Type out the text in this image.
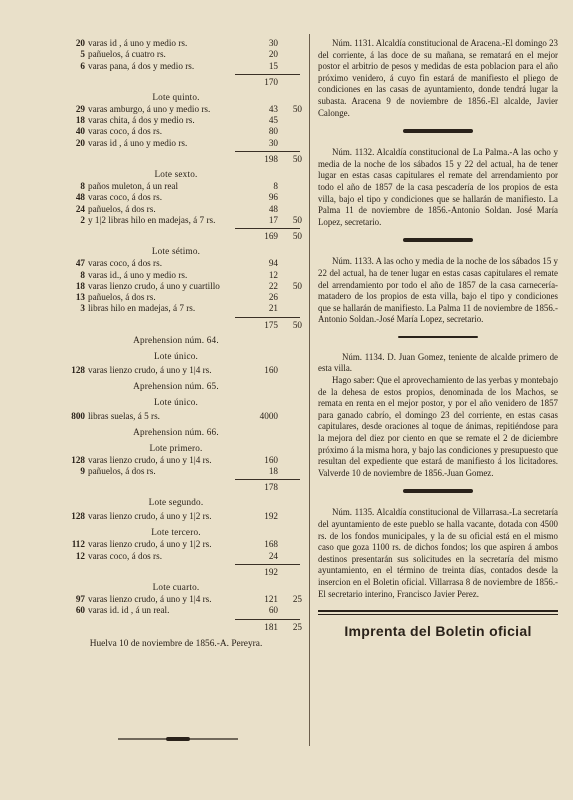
20 varas id , á uno y medio rs.	30
5 pañuelos, á cuatro rs.	20
6 varas pana, á dos y medio rs.	15
170
Lote quinto.
29 varas amburgo, á uno y medio rs.	43	50
18 varas chita, á dos y medio rs.	45
40 varas coco, á dos rs.	80
20 varas id , á uno y medio rs.	30
198	50
Lote sexto.
8 paños muleton, á un real	8
48 varas coco, á dos rs.	96
24 pañuelos, á dos rs.	48
2 y 1|2 libras hilo en madejas, á 7 rs.	17	50
169	50
Lote sétimo.
47 varas coco, á dos rs.	94
8 varas id., á uno y medio rs.	12
18 varas lienzo crudo, á uno y cuartillo	22	50
13 pañuelos, á dos rs.	26
3 libras hilo en madejas, á 7 rs.	21
175	50
Aprehension núm. 64.
Lote único.
128 varas lienzo crudo, á uno y 1|4 rs.	160
Aprehension núm. 65.
Lote único.
800 libras suelas, á 5 rs.	4000
Aprehension núm. 66.
Lote primero.
128 varas lienzo crudo, á uno y 1|4 rs.	160
9 pañuelos, á dos rs.	18
178
Lote segundo.
128 varas lienzo crudo, á uno y 1|2 rs.	192
Lote tercero.
112 varas lienzo crudo, á uno y 1|2 rs.	168
12 varas coco, á dos rs.	24
192
Lote cuarto.
97 varas lienzo crudo, á uno y 1|4 rs.	121	25
60 varas id. id , á un real.	60
181	25
Huelva 10 de noviembre de 1856.-A. Pereyra.

Núm. 1131. Alcaldía constitucional de Aracena.-El domingo 23 del corriente, á las doce de su mañana, se rematará en el mejor postor el arbitrio de pesos y medidas de esta poblacion para el año próximo venidero, á cuyo fin estará de manifiesto el pliego de condiciones en las casas de ayuntamiento, donde tendrá lugar la subasta. Aracena 9 de noviembre de 1856.-El alcalde, Javier Calonge.

Núm. 1132. Alcaldía constitucional de La Palma.-A las ocho y media de la noche de los sábados 15 y 22 del actual, ha de tener lugar en estas casas capitulares el remate del arrendamiento por todo el año de 1857 de la casa pescadería de los propios de esta villa, bajo el tipo y condiciones que se hallarán de manifiesto. La Palma 11 de noviembre de 1856.-Antonio Soldan. José María Lopez, secretario.

Núm. 1133. A las ocho y media de la noche de los sábados 15 y 22 del actual, ha de tener lugar en estas casas capitulares el remate del arrendamiento por todo el año de 1857 de la casa carnecería-matadero de los propios de esta villa, bajo el tipo y condiciones que se hallarán de manifiesto. La Palma 11 de noviembre de 1856.-Antonio Soldan.-José María Lopez, secretario.

Núm. 1134. D. Juan Gomez, teniente de alcalde primero de esta villa.

Hago saber: Que el aprovechamiento de las yerbas y montebajo de la dehesa de estos propios, denominada de los Machos, se remata en renta en el mejor postor, y por el año venidero de 1857 para ganado cabrío, el domingo 23 del corriente, en estas casas capitulares, desde oraciones al toque de ánimas, repitiéndose para la mejora del diez por ciento en que se remate el 2 de diciembre próximo á la misma hora, y bajo las condiciones y presupuesto que resultan del expediente que estará de manifiesto á los licitadores. Valverde 10 de noviembre de 1856.-Juan Gomez.

Núm. 1135. Alcaldía constitucional de Villarrasa.-La secretaría del ayuntamiento de este pueblo se halla vacante, dotada con 4500 rs. de los fondos municipales, y la de su oficial está en el mismo caso que goza 1100 rs. de dichos fondos; los que aspiren á ambos destinos presentarán sus solicitudes en la secretaría del mismo ayuntamiento, en el término de treinta días, contados desde la insercion en el Boletin oficial. Villarrasa 8 de noviembre de 1856.-El secretario interino, Francisco Javier Perez.

Imprenta del Boletin oficial
